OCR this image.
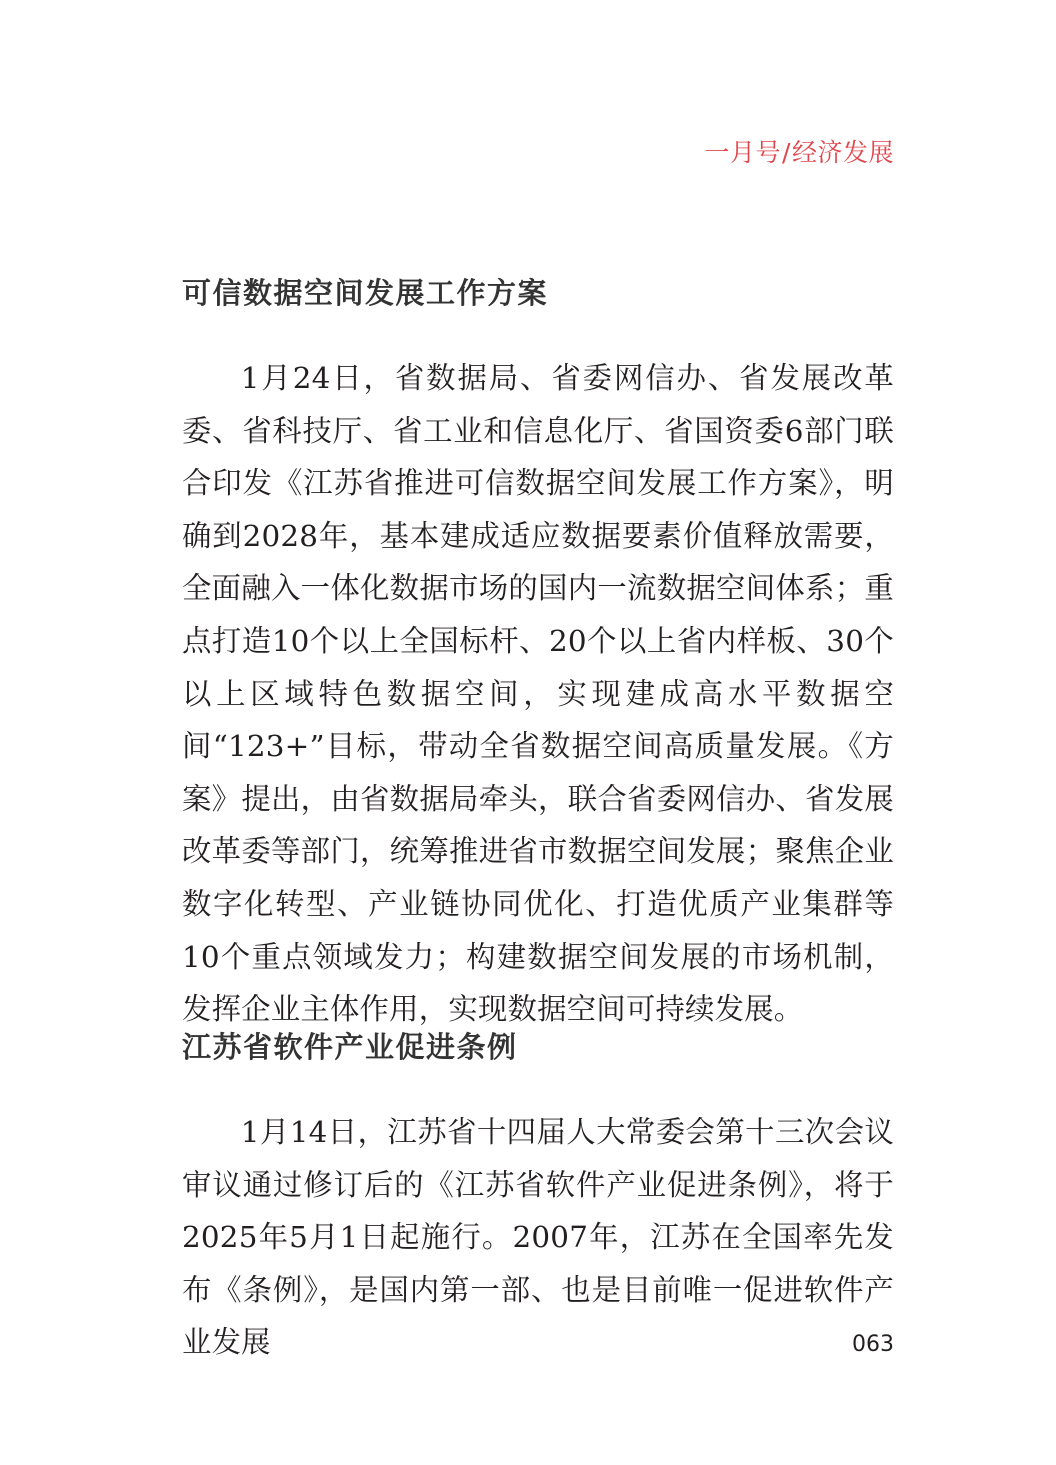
一月号/经济发展
可信数据空间发展工作方案

1月24日，省数据局、省委网信办、省发展改革委、省科技厅、省工业和信息化厅、省国资委6部门联合印发《江苏省推进可信数据空间发展工作方案》，明确到2028年，基本建成适应数据要素价值释放需要，全面融入一体化数据市场的国内一流数据空间体系；重点打造10个以上全国标杆、20个以上省内样板、30个以上区域特色数据空间，实现建成高水平数据空间“123+”目标，带动全省数据空间高质量发展。《方案》提出，由省数据局牵头，联合省委网信办、省发展改革委等部门，统筹推进省市数据空间发展；聚焦企业数字化转型、产业链协同优化、打造优质产业集群等10个重点领域发力；构建数据空间发展的市场机制，发挥企业主体作用，实现数据空间可持续发展。

江苏省软件产业促进条例

1月14日，江苏省十四届人大常委会第十三次会议审议通过修订后的《江苏省软件产业促进条例》，将于2025年5月1日起施行。2007年，江苏在全国率先发布《条例》，是国内第一部、也是目前唯一促进软件产业发展	063
